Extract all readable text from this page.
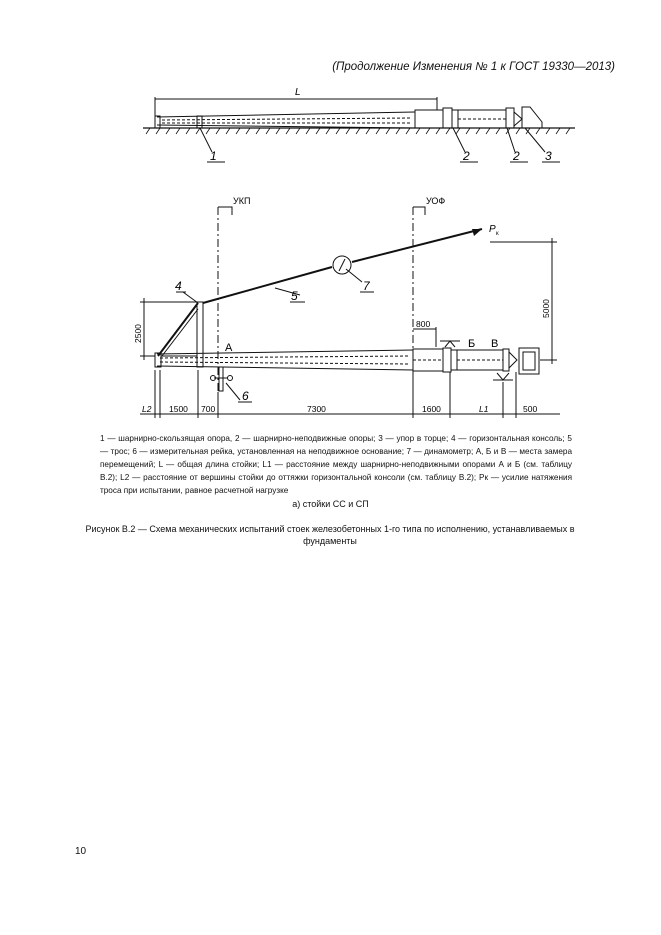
(Продолжение Изменения № 1 к ГОСТ 19330—2013)
L
1	2	2 3
УКП	УОФ
P к
4
5
7
6
А	Б В
2500
5000
800
L2 1500 700	7300	1600	L1	500
1 — шарнирно-скользящая опора, 2 — шарнирно-неподвижные опоры; 3 — упор в торце; 4 — горизонтальная консоль; 5 — трос; 6 — измерительная рейка, установленная на неподвижное основание; 7 — динамометр; А, Б и В — места замера перемещений; L — общая длина стойки; L1 — расстояние между шарнирно-неподвижными опорами А и Б (см. таблицу В.2); L2 — расстояние от вершины стойки до оттяжки горизонтальной консоли (см. таблицу В.2); Pк — усилие натяжения троса при испытании, равное расчетной нагрузке
а) стойки СС и СП
Рисунок В.2 — Схема механических испытаний стоек железобетонных 1-го типа по исполнению, устанавливаемых в фундаменты
10
